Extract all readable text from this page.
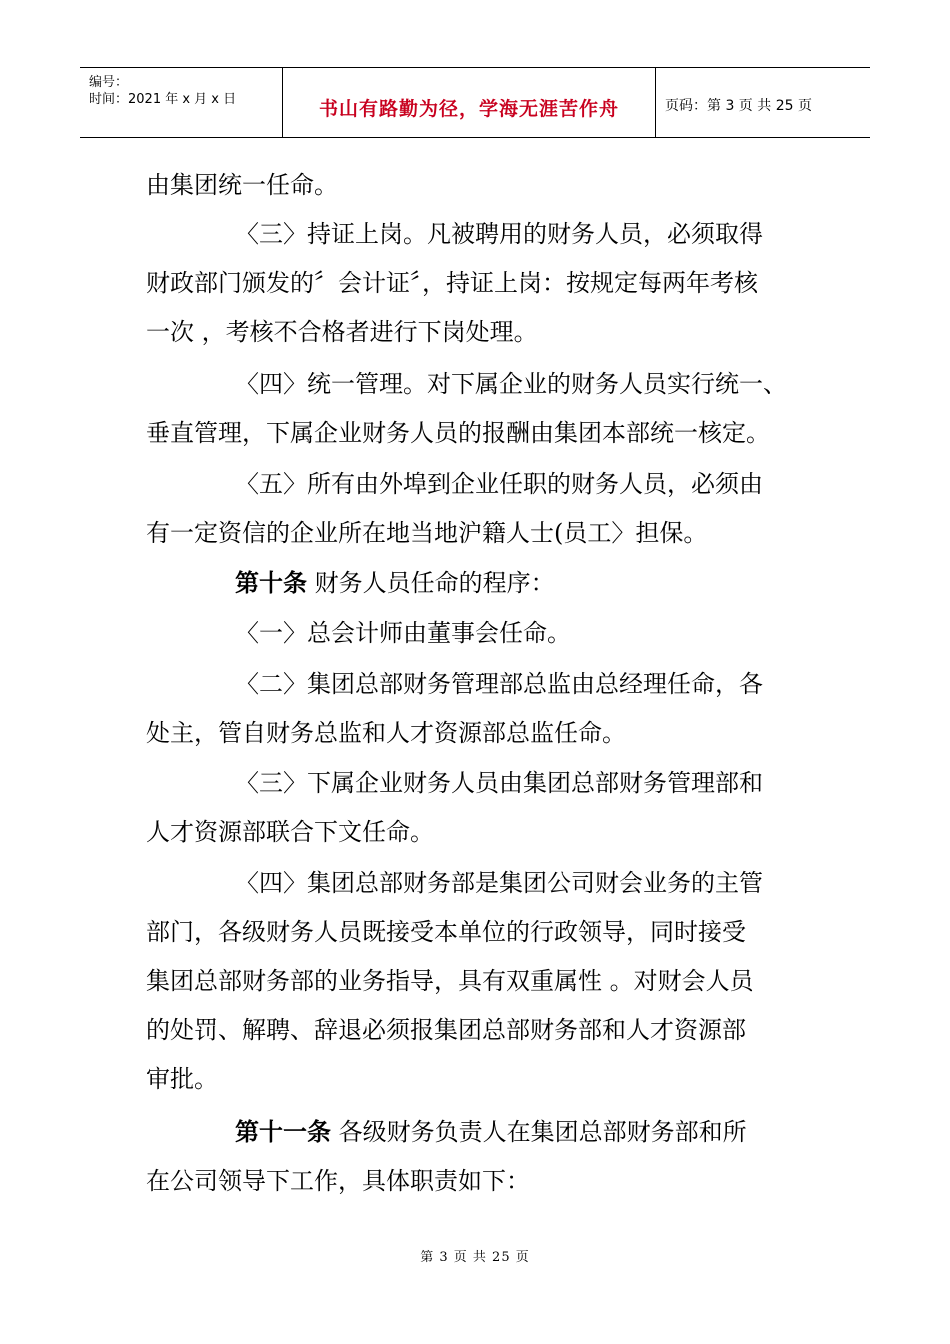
编号：
时间：2021 年 x 月 x 日	书山有路勤为径，学海无涯苦作舟	页码：第 3 页 共 25 页
由集团统一任命。
〈三〉持证上岗。凡被聘用的财务人员，必须取得
财政部门颁发的〞会计证〞，持证上岗：按规定每两年考核
一次 ，考核不合格者进行下岗处理。
〈四〉统一管理。对下属企业的财务人员实行统一、
垂直管理，下属企业财务人员的报酬由集团本部统一核定。
〈五〉所有由外埠到企业任职的财务人员，必须由
有一定资信的企业所在地当地沪籍人士(员工〉担保。
第十条 财务人员任命的程序：
〈一〉总会计师由董事会任命。
〈二〉集团总部财务管理部总监由总经理任命，各
处主，管自财务总监和人才资源部总监任命。
〈三〉下属企业财务人员由集团总部财务管理部和
人才资源部联合下文任命。
〈四〉集团总部财务部是集团公司财会业务的主管
部门，各级财务人员既接受本单位的行政领导，同时接受
集团总部财务部的业务指导，具有双重属性 。对财会人员
的处罚、解聘、辞退必须报集团总部财务部和人才资源部
审批。
第十一条 各级财务负责人在集团总部财务部和所
在公司领导下工作，具体职责如下：
第 3 页 共 25 页
